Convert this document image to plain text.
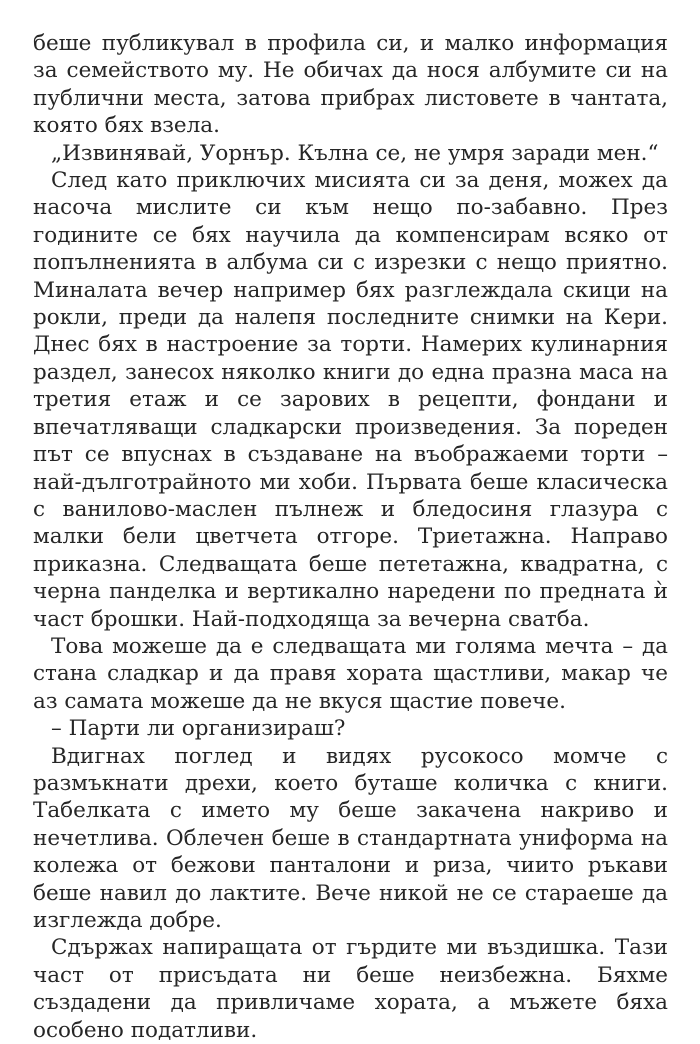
беше публикувал в профила си, и малко информация за семейството му. Не обичах да нося албумите си на публични места, затова прибрах листовете в чантата, която бях взела.

„Извинявай, Уорнър. Кълна се, не умря заради мен.“

След като приключих мисията си за деня, можех да насоча мислите си към нещо по-забавно. През годините се бях научила да компенсирам всяко от попълненията в албума си с изрезки с нещо приятно. Миналата вечер например бях разглеждала скици на рокли, преди да налепя последните снимки на Кери. Днес бях в настроение за торти. Намерих кулинарния раздел, занесох няколко книги до една празна маса на третия етаж и се зарових в рецепти, фондани и впечатляващи сладкарски произведения. За пореден път се впуснах в създаване на въображаеми торти – най-дълготрайното ми хоби. Първата беше класическа с ванилово-маслен пълнеж и бледосиня глазура с малки бели цветчета отгоре. Триетажна. Направо приказна. Следващата беше пететажна, квадратна, с черна панделка и вертикално наредени по предната ѝ част брошки. Най-подходяща за вечерна сватба.

Това можеше да е следващата ми голяма мечта – да стана сладкар и да правя хората щастливи, макар че аз самата можеше да не вкуся щастие повече.

– Парти ли организираш?

Вдигнах поглед и видях русокосо момче с размъкнати дрехи, което буташе количка с книги. Табелката с името му беше закачена накриво и нечетлива. Облечен беше в стандартната униформа на колежа от бежови панталони и риза, чиито ръкави беше навил до лактите. Вече никой не се стараеше да изглежда добре.

Сдържах напиращата от гърдите ми въздишка. Тази част от присъдата ни беше неизбежна. Бяхме създадени да привличаме хората, а мъжете бяха особено податливи.
